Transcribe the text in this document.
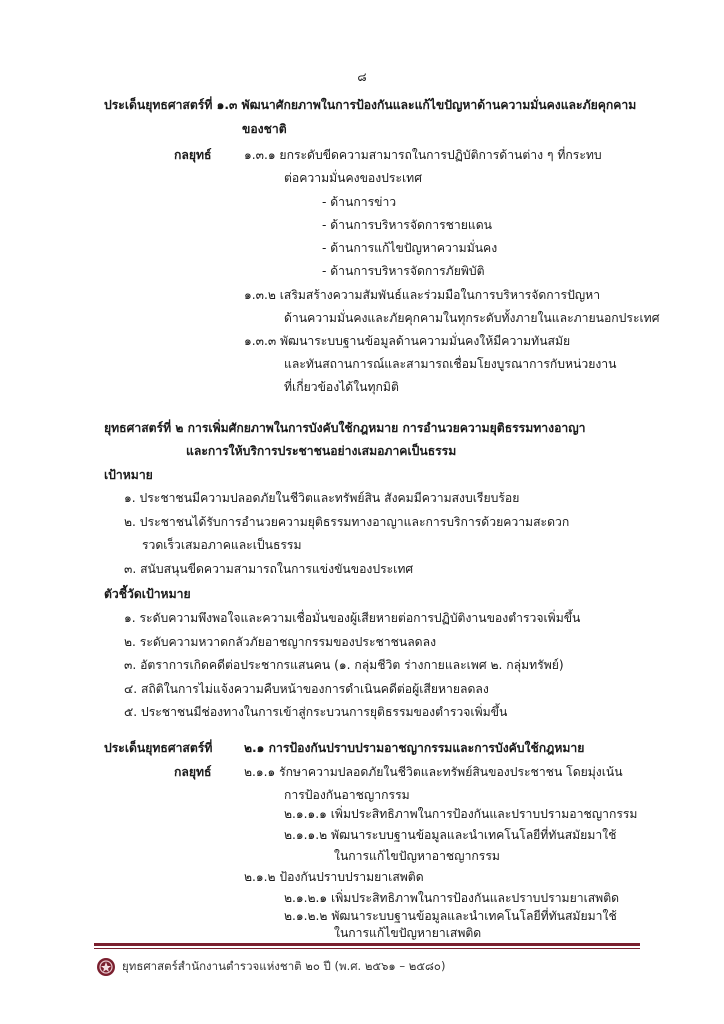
๘
ประเด็นยุทธศาสตร์ที่ ๑.๓ พัฒนาศักยภาพในการป้องกันและแก้ไขปัญหาด้านความมั่นคงและภัยคุกคาม
ของชาติ
กลยุทธ์	๑.๓.๑ ยกระดับขีดความสามารถในการปฏิบัติการด้านต่าง ๆ ที่กระทบ
ต่อความมั่นคงของประเทศ
- ด้านการข่าว
- ด้านการบริหารจัดการชายแดน
- ด้านการแก้ไขปัญหาความมั่นคง
- ด้านการบริหารจัดการภัยพิบัติ
๑.๓.๒ เสริมสร้างความสัมพันธ์และร่วมมือในการบริหารจัดการปัญหา
ด้านความมั่นคงและภัยคุกคามในทุกระดับทั้งภายในและภายนอกประเทศ
๑.๓.๓ พัฒนาระบบฐานข้อมูลด้านความมั่นคงให้มีความทันสมัย
และทันสถานการณ์และสามารถเชื่อมโยงบูรณาการกับหน่วยงาน
ที่เกี่ยวข้องได้ในทุกมิติ
ยุทธศาสตร์ที่ ๒ การเพิ่มศักยภาพในการบังคับใช้กฎหมาย การอำนวยความยุติธรรมทางอาญา
และการให้บริการประชาชนอย่างเสมอภาคเป็นธรรม
เป้าหมาย
๑. ประชาชนมีความปลอดภัยในชีวิตและทรัพย์สิน สังคมมีความสงบเรียบร้อย
๒. ประชาชนได้รับการอำนวยความยุติธรรมทางอาญาและการบริการด้วยความสะดวก
รวดเร็วเสมอภาคและเป็นธรรม
๓. สนับสนุนขีดความสามารถในการแข่งขันของประเทศ
ตัวชี้วัดเป้าหมาย
๑. ระดับความพึงพอใจและความเชื่อมั่นของผู้เสียหายต่อการปฏิบัติงานของตำรวจเพิ่มขึ้น
๒. ระดับความหวาดกลัวภัยอาชญากรรมของประชาชนลดลง
๓. อัตราการเกิดคดีต่อประชากรแสนคน (๑. กลุ่มชีวิต ร่างกายและเพศ ๒. กลุ่มทรัพย์)
๔. สถิติในการไม่แจ้งความคืบหน้าของการดำเนินคดีต่อผู้เสียหายลดลง
๕. ประชาชนมีช่องทางในการเข้าสู่กระบวนการยุติธรรมของตำรวจเพิ่มขึ้น
ประเด็นยุทธศาสตร์ที่	๒.๑ การป้องกันปราบปรามอาชญากรรมและการบังคับใช้กฎหมาย
กลยุทธ์	๒.๑.๑ รักษาความปลอดภัยในชีวิตและทรัพย์สินของประชาชน โดยมุ่งเน้น
การป้องกันอาชญากรรม
๒.๑.๑.๑ เพิ่มประสิทธิภาพในการป้องกันและปราบปรามอาชญากรรม
๒.๑.๑.๒ พัฒนาระบบฐานข้อมูลและนำเทคโนโลยีที่ทันสมัยมาใช้
ในการแก้ไขปัญหาอาชญากรรม
๒.๑.๒ ป้องกันปราบปรามยาเสพติด
๒.๑.๒.๑ เพิ่มประสิทธิภาพในการป้องกันและปราบปรามยาเสพติด
๒.๑.๒.๒ พัฒนาระบบฐานข้อมูลและนำเทคโนโลยีที่ทันสมัยมาใช้
ยุทธศาสตร์สำนักงานตำรวจแห่งชาติ ๒๐ ปี (พ.ศ. ๒๕๖๑ – ๒๕๘๐)
ในการแก้ไขปัญหายาเสพติด
